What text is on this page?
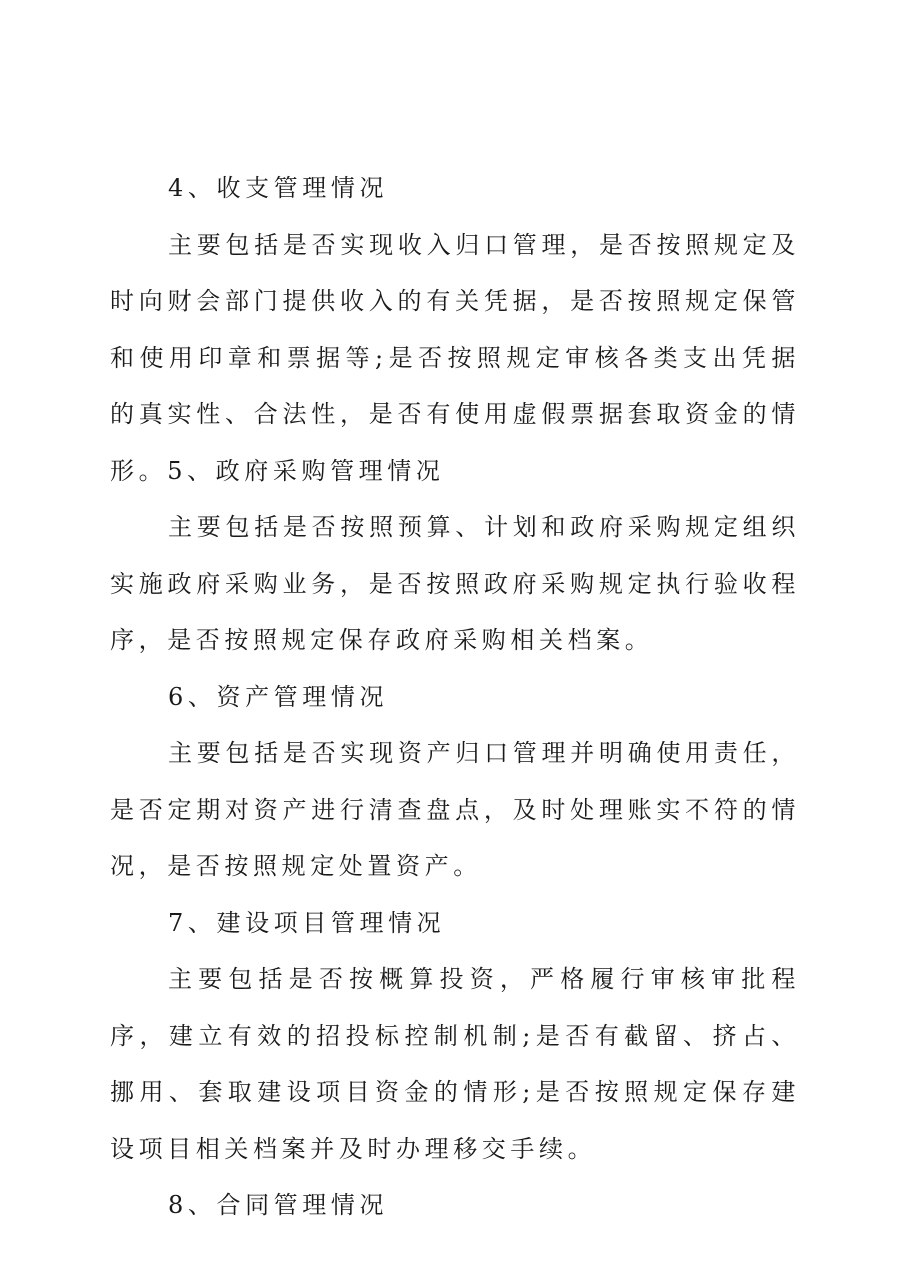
4、收支管理情况

主要包括是否实现收入归口管理，是否按照规定及时向财会部门提供收入的有关凭据，是否按照规定保管和使用印章和票据等;是否按照规定审核各类支出凭据的真实性、合法性，是否有使用虚假票据套取资金的情形。5、政府采购管理情况

主要包括是否按照预算、计划和政府采购规定组织实施政府采购业务，是否按照政府采购规定执行验收程序，是否按照规定保存政府采购相关档案。

6、资产管理情况

主要包括是否实现资产归口管理并明确使用责任，是否定期对资产进行清查盘点，及时处理账实不符的情况，是否按照规定处置资产。

7、建设项目管理情况

主要包括是否按概算投资，严格履行审核审批程序，建立有效的招投标控制机制;是否有截留、挤占、挪用、套取建设项目资金的情形;是否按照规定保存建设项目相关档案并及时办理移交手续。

8、合同管理情况
